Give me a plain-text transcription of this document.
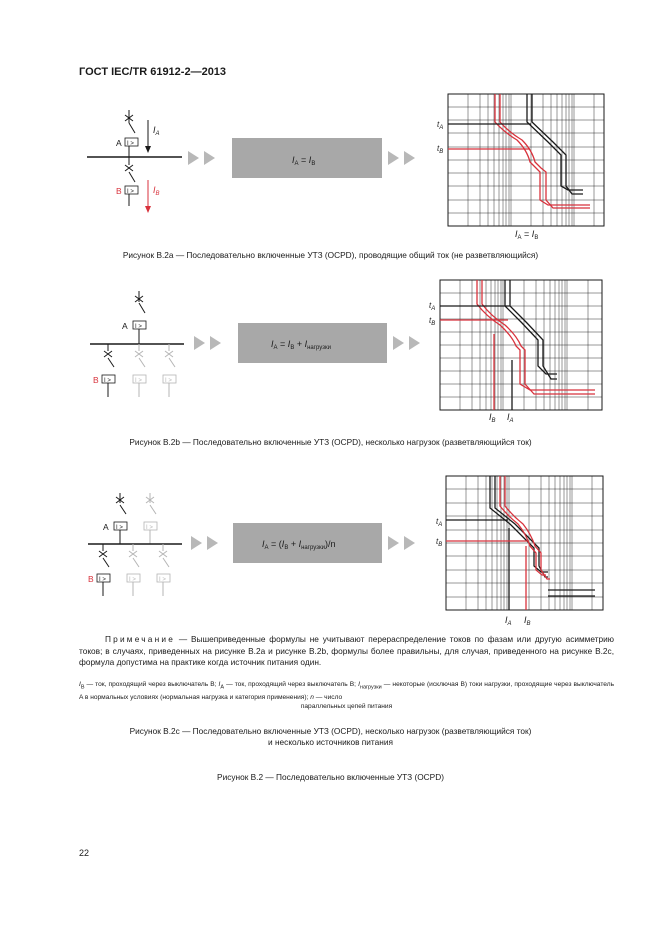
ГОСТ IEC/TR 61912-2—2013
I >
A
I >
B
$I_A$
$I_B$
$I_A = I_B$
$t_A$
$t_B$
$I_A = I_B$
Рисунок B.2a — Последовательно включенные УТЗ (OCPD), проводящие общий ток (не разветвляющийся)
I >
A
I >
B	I >	I >
$I_A = I_B + I_{нагрузки}$
$t_A$
$t_B$
$I_B$ $I_A$
Рисунок B.2b — Последовательно включенные УТЗ (OCPD), несколько нагрузок (разветвляющийся ток)
I >
A	I >
I >
B	I >	I >
$I_A = (I_B + I_{нагрузки})/n$
$t_A$
$t_B$
$I_A$ $I_B$
Примечание — Вышеприведенные формулы не учитывают перераспределение токов по фазам или другую асимметрию токов; в случаях, приведенных на рисунке B.2a и рисунке B.2b, формулы более правильны, для случая, приведенного на рисунке B.2c, формула допустима на практике когда источник питания один.
$I_B$ — ток, проходящий через выключатель B; $I_A$ — ток, проходящий через выключатель B; $I_{нагрузки}$ — некоторые (исключая B) токи нагрузки, проходящие через выключатель A в нормальных условиях (нормальная нагрузка и категория применения); n — число
параллельных цепей питания
Рисунок B.2c — Последовательно включенные УТЗ (OCPD), несколько нагрузок (разветвляющийся ток)
и несколько источников питания
Рисунок B.2 — Последовательно включенные УТЗ (OCPD)
22
